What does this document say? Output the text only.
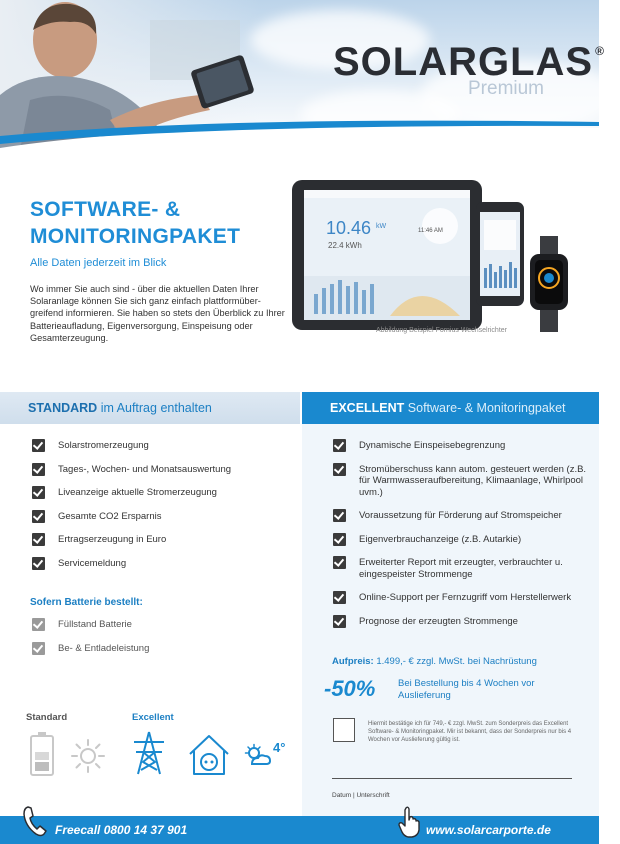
SOLARGLAS ®
Premium
SOFTWARE- &
MONITORINGPAKET
Alle Daten jederzeit im Blick
Wo immer Sie auch sind - über die aktuellen Daten Ihrer Solaranlage können Sie sich ganz einfach plattformüber- greifend informieren. Sie haben so stets den Überblick zu Ihrer Batterieaufladung, Eigenversorgung, Einspeisung oder Gesamterzeugung.
10.46 kW
22.4 kWh
11:46 AM
Abbildung Beispiel Fornius Wechselrichter
STANDARD im Auftrag enthalten
Solarstromerzeugung
Tages-, Wochen- und Monatsauswertung
Liveanzeige aktuelle Stromerzeugung
Gesamte CO2 Ersparnis
Ertragserzeugung in Euro
Servicemeldung
Sofern Batterie bestellt:
Füllstand Batterie
Be- & Entladeleistung
Standard	Excellent
4°
EXCELLENT Software- & Monitoringpaket
Dynamische Einspeisebegrenzung
Stromüberschuss kann autom. gesteuert werden (z.B. für Warmwasseraufbereitung, Klimaanlage, Whirlpool uvm.)
Voraussetzung für Förderung auf Stromspeicher
Eigenverbrauchanzeige (z.B. Autarkie)
Erweiterter Report mit erzeugter, verbrauchter u. eingespeister Strommenge
Online-Support per Fernzugriff vom Herstellerwerk
Prognose der erzeugten Strommenge
Aufpreis: 1.499,- € zzgl. MwSt. bei Nachrüstung
-50% Bei Bestellung bis 4 Wochen vor Auslieferung
Hiermit bestätige ich für 749,- € zzgl. MwSt. zum Sonderpreis das Excellent Software- & Monitoringpaket. Mir ist bekannt, dass der Sonderpreis nur bis 4 Wochen vor Auslieferung gültig ist.
Datum | Unterschrift
Freecall 0800 14 37 901	www.solarcarporte.de
